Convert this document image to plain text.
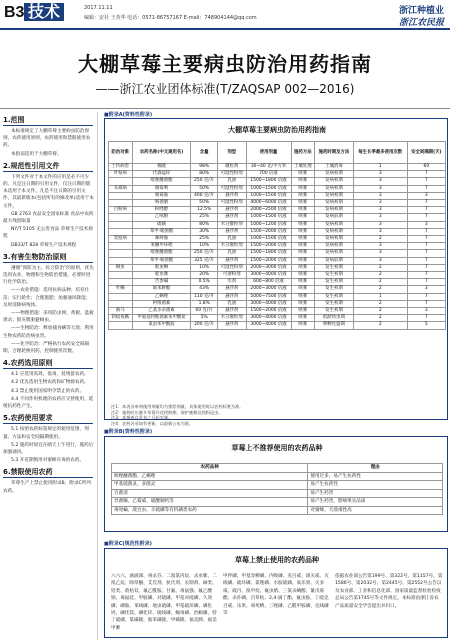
B3 技术	2017.11.11
编辑：安社 王英华 电话：0571-86757167 E-mail：748904144@qq.com
浙江种植业
浙江农民报
大棚草莓主要病虫防治用药指南
——浙江农业团体标准(T/ZAQSAP 002—2016)
1.范围
本标准规定了大棚草莓主要病虫防治原则、农药使用原则、农药使用和禁限使用农药。
本指南适用于大棚草莓。
2.规范性引用文件
下列文件对于本文件的应用是必不可少的。凡是注日期的引用文件，仅注日期的版本适用于本文件。凡是不注日期的引用文件，其最新版本(包括所有的修改单)适用于本文件。
GB 2763 食品安全国家标准 食品中农药最大残留限量
NY/T 5105 无公害食品 草莓生产技术规程
DB33/T 828 草莓生产技术规程
3.有害生物防治原则
遵循“预防为主、综合防治”的原则，优先选用农业、物理和生物防治措施，必要时进行化学防治。
——农业措施：选用抗病品种；培育壮苗；实行轮作；合理施肥；加强通风降湿；及时清除病残体。
——物理措施：采用防虫网、黄板、蓝板诱杀；银灰膜驱避蚜虫。
——生物防治：释放捕食螨等天敌；利用生物农药防治病虫害。
——化学防治：严格执行农药安全间隔期，合理轮换用药，控制使用次数。
4.农药选用原则
4.1 应选用高效、低毒、低残留农药。
4.2 优先选用生物农药和矿物源农药。
4.3 禁止使用国家明令禁止的农药。
4.4 不同作用机理的农药应交替使用，延缓抗药性产生。
5.农药使用要求
5.1 按照农药标签规定的使用范围、剂量、方法和安全间隔期使用。
5.2 施药时间宜在晴天上午进行，施药后加强通风。
5.3 开花期慎用对蜜蜂有毒的农药。
6.禁限使用农药
草莓生产上禁止使用附录B、附录C所列农药。
■附录A(资料性附录)
大棚草莓主要病虫防治用药指南
防治对象	农药名称(中文通用名)	含量	剂型	使用剂量	施药方法	施药时期及方法	每生长季最多使用次数	安全间隔期(天)
土传病害	棉隆	98%	微粒剂	30~40 克/平方米	土壤处理	土壤消毒	1	60
叶枯病	代森锰锌	80%	可湿性粉剂	700 倍液	喷雾	发病初期	3	7
	吡唑醚菌酯	250 克/升	乳油	1500~1800 倍液	喷雾	发病初期	3	7
灰霉病	腐霉利	50%	可湿性粉剂	1000~1500 倍液	喷雾	发病初期	3	7
	嘧霉胺	400 克/升	悬浮剂	1000~1500 倍液	喷雾	发病初期	3	3
	咯菌腈	50%	可湿性粉剂	4000~6000 倍液	喷雾	发病初期	3	7
白粉病	粉唑醇	12.5%	悬浮剂	2000~2500 倍液	喷雾	发病初期	3	7
	乙嘧酚	25%	悬浮剂	1000~1500 倍液	喷雾	发病前期	3	7
	硫磺	80%	水分散粒剂	1000~1200 倍液	喷雾	发病初期	3	3
	苯甲·嘧菌酯	30%	悬浮剂	1500~2000 倍液	喷雾	发病初期	3	7
炭疽病	咪鲜胺	25%	乳油	1000~1500 倍液	喷雾	发病初期	2	7
	苯醚甲环唑	10%	水分散粒剂	1500~2000 倍液	喷雾	发病初期	3	7
	吡唑醚菌酯	250 克/升	乳油	1500~1800 倍液	喷雾	发病初期	3	7
	苯甲·嘧菌酯	325 克/升	悬浮剂	1500~2000 倍液	喷雾	发病前期	3	7
蚜虫	吡虫啉	10%	可湿性粉剂	2000~3000 倍液	喷雾	发生初期	2	7
	啶虫脒	20%	可溶粉剂	3000~4000 倍液	喷雾	发生初期	2	7
	苦参碱	0.5%	水剂	600~800 倍液	喷雾	发生初期	2	7
叶螨	联苯肼酯	43%	悬浮剂	2000~3000 倍液	喷雾	发生初期	2	3
	乙螨唑	110 克/升	悬浮剂	5000~7500 倍液	喷雾	发生初期	1	7
	阿维菌素	1.8%	乳油	3000~4000 倍液	喷雾	发生初期	2	7
蓟马	乙基多杀菌素	60 克/升	悬浮剂	1500~2000 倍液	喷雾	发生初期	2	3
斜纹夜蛾	甲氨基阿维菌素苯甲酸盐	5%	水分散粒剂	3000~4000 倍液	喷雾	低龄幼虫期	2	7
	氯虫苯甲酰胺	200 克/升	悬浮剂	3000~4000 倍液	喷雾	卵孵化盛期	2	5
注1：本表各单剂使用剂量均为推荐剂量，具体使用时以农药标签为准。
注2：施药时应避开草莓开花授粉期，保护蜜蜂及授粉昆虫。
注3：本指南自发布之日起实施。
注4：农药名录如有更新，以最新公布为准。
■附录B(资料性附录)
草莓上不推荐使用的农药品种
农药品种	理由
吡唑醚菌酯、乙螨唑	使用过多，易产生抗药性
甲基硫菌灵、多菌灵	易产生抗药性
百菌清	易产生药害
异菌脲、乙霉威、硫酸铜钙等	易产生药害，影响果实品质
毒死蜦、敌百虫、辛硫磷等有机磷类农药	对蜜蜂、天敌毒性高
■附录C(规范性附录)
草莓上禁止使用的农药品种
六六六、滴滴涕、毒杀芬、二溴氯丙烷、杀虫脒、二溴乙烷、除草醚、艾氏剂、狄氏剂、汞制剂、砷类、铅类、敌枯双、氟乙酰胺、甘氟、毒鼠强、氟乙酸钠、毒鼠硅、甲胺磷、对硫磷、甲基对硫磷、久效磷、磷胺、苯线磷、地虫硫磷、甲基硫环磷、磷化钙、磷化镁、磷化锌、硫线磷、蝇毒磷、治螟磷、特丁硫磷、氯磺隆、胺苯磺隆、甲磺隆、福美胂、福美甲胂
甲拌磷、甲基异柳磷、内吸磷、克百威、涕灭威、灭线磷、硫环磷、氯唑磷、水胺硫磷、氧乐果、灭多威、硫丹、溴甲烷、氟虫腈、三氯杀螨醇、氰戊菊酯、杀扑磷、百草枯、2,4-滴丁酯、氟虫胺、丁硫克百威、乐果、毒死蜱、三唑磷、乙酰甲胺磷、克线磷等
依据农业部公告第199号、第322号、第1157号、第1586号、第2032号、第2445号、第2552号公告以及农业部、工业和信息化部、国家质量监督检验检疫总局公告第1745号等文件规定。本标准由浙江省农产品质量安全学会提出并归口。
